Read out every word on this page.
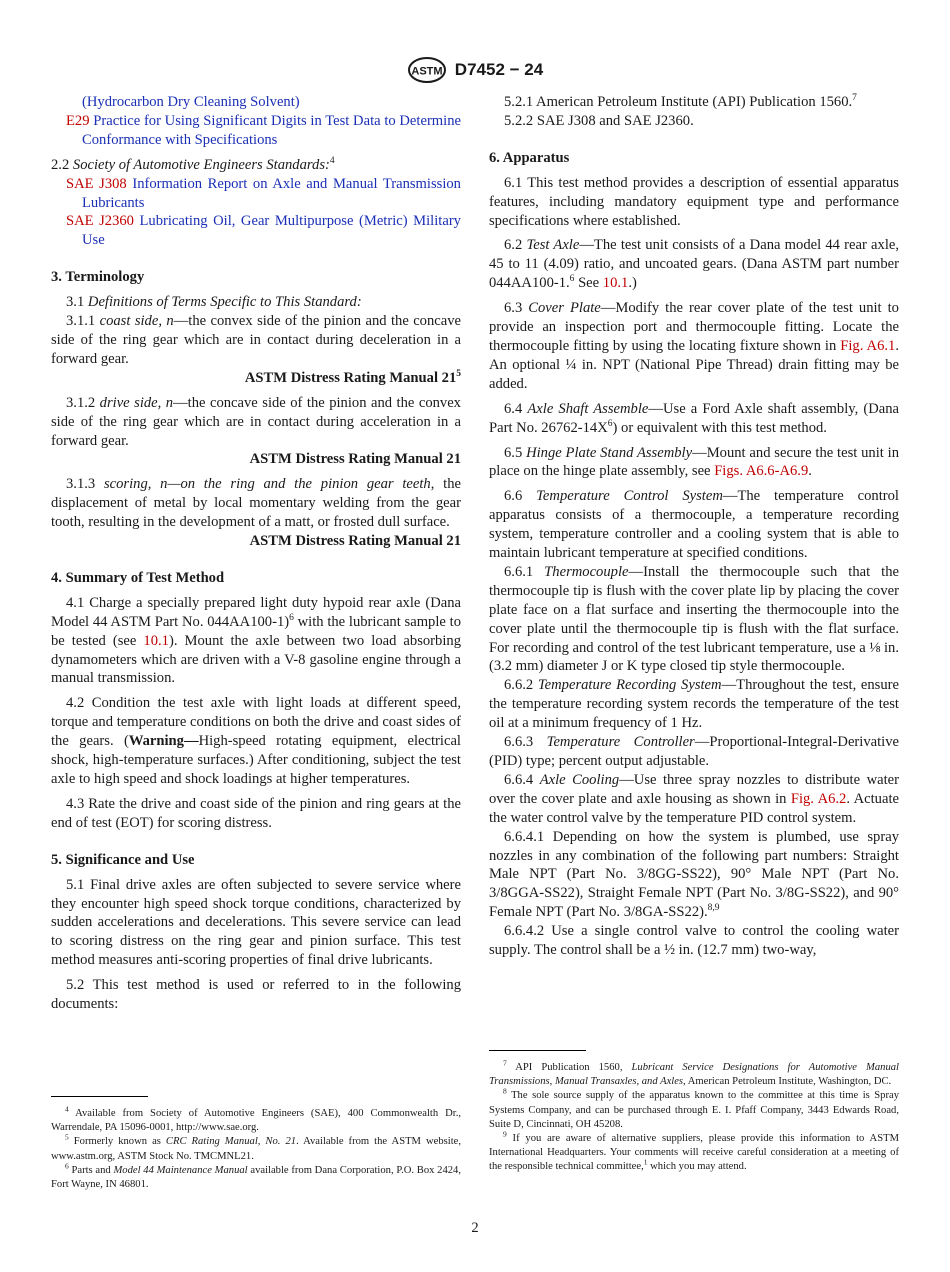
ASTM D7452 − 24

(Hydrocarbon Dry Cleaning Solvent)

E29 Practice for Using Significant Digits in Test Data to Determine Conformance with Specifications

2.2 Society of Automotive Engineers Standards:$^4$

SAE J308 Information Report on Axle and Manual Transmission Lubricants

SAE J2360 Lubricating Oil, Gear Multipurpose (Metric) Military Use

3. Terminology

3.1 Definitions of Terms Specific to This Standard:

3.1.1 coast side, n—the convex side of the pinion and the concave side of the ring gear which are in contact during deceleration in a forward gear.

ASTM Distress Rating Manual $21^5$

3.1.2 drive side, n—the concave side of the pinion and the convex side of the ring gear which are in contact during acceleration in a forward gear.

ASTM Distress Rating Manual 21

3.1.3 scoring, n—on the ring and the pinion gear teeth, the displacement of metal by local momentary welding from the gear tooth, resulting in the development of a matt, or frosted dull surface.

ASTM Distress Rating Manual 21

4. Summary of Test Method

4.1 Charge a specially prepared light duty hypoid rear axle (Dana Model 44 ASTM Part No. 044AA100-1)$^6$ with the lubricant sample to be tested (see 10.1). Mount the axle between two load absorbing dynamometers which are driven with a V-8 gasoline engine through a manual transmission.

4.2 Condition the test axle with light loads at different speed, torque and temperature conditions on both the drive and coast sides of the gears. (Warning—High-speed rotating equipment, electrical shock, high-temperature surfaces.) After conditioning, subject the test axle to high speed and shock loadings at higher temperatures.

4.3 Rate the drive and coast side of the pinion and ring gears at the end of test (EOT) for scoring distress.

5. Significance and Use

5.1 Final drive axles are often subjected to severe service where they encounter high speed shock torque conditions, characterized by sudden accelerations and decelerations. This severe service can lead to scoring distress on the ring gear and pinion surface. This test method measures anti-scoring properties of final drive lubricants.

5.2 This test method is used or referred to in the following documents:

$^4$ Available from Society of Automotive Engineers (SAE), 400 Commonwealth Dr., Warrendale, PA 15096-0001, http://www.sae.org.

$^5$ Formerly known as CRC Rating Manual, No. 21. Available from the ASTM website, www.astm.org, ASTM Stock No. TMCMNL21.

$^6$ Parts and Model 44 Maintenance Manual available from Dana Corporation, P.O. Box 2424, Fort Wayne, IN 46801.

5.2.1 American Petroleum Institute (API) Publication 1560.$^7$

5.2.2 SAE J308 and SAE J2360.

6. Apparatus

6.1 This test method provides a description of essential apparatus features, including mandatory equipment type and performance specifications where established.

6.2 Test Axle—The test unit consists of a Dana model 44 rear axle, 45 to 11 (4.09) ratio, and uncoated gears. (Dana ASTM part number 044AA100-1.$^6$ See 10.1.)

6.3 Cover Plate—Modify the rear cover plate of the test unit to provide an inspection port and thermocouple fitting. Locate the thermocouple fitting by using the locating fixture shown in Fig. A6.1. An optional ¼ in. NPT (National Pipe Thread) drain fitting may be added.

6.4 Axle Shaft Assemble—Use a Ford Axle shaft assembly, (Dana Part No. $26762-14X^6$) or equivalent with this test method.

6.5 Hinge Plate Stand Assembly—Mount and secure the test unit in place on the hinge plate assembly, see Figs. A6.6-A6.9.

6.6 Temperature Control System—The temperature control apparatus consists of a thermocouple, a temperature recording system, temperature controller and a cooling system that is able to maintain lubricant temperature at specified conditions.

6.6.1 Thermocouple—Install the thermocouple such that the thermocouple tip is flush with the cover plate lip by placing the cover plate face on a flat surface and inserting the thermocouple into the cover plate until the thermocouple tip is flush with the flat surface. For recording and control of the test lubricant temperature, use a ⅛ in. (3.2 mm) diameter J or K type closed tip style thermocouple.

6.6.2 Temperature Recording System—Throughout the test, ensure the temperature recording system records the temperature of the test oil at a minimum frequency of 1 Hz.

6.6.3 Temperature Controller—Proportional-Integral-Derivative (PID) type; percent output adjustable.

6.6.4 Axle Cooling—Use three spray nozzles to distribute water over the cover plate and axle housing as shown in Fig. A6.2. Actuate the water control valve by the temperature PID control system.

6.6.4.1 Depending on how the system is plumbed, use spray nozzles in any combination of the following part numbers: Straight Male NPT (Part No. 3/8GG-SS22), 90° Male NPT (Part No. 3/8GGA-SS22), Straight Female NPT (Part No. 3/8G-SS22), and 90° Female NPT (Part No. 3/8GA-SS22).$^{8,9}$

6.6.4.2 Use a single control valve to control the cooling water supply. The control shall be a ½ in. (12.7 mm) two-way,

$^7$ API Publication 1560, Lubricant Service Designations for Automotive Manual Transmissions, Manual Transaxles, and Axles, American Petroleum Institute, Washington, DC.

$^8$ The sole source supply of the apparatus known to the committee at this time is Spray Systems Company, and can be purchased through E. I. Pfaff Company, 3443 Edwards Road, Suite D, Cincinnati, OH 45208.

$^9$ If you are aware of alternative suppliers, please provide this information to ASTM International Headquarters. Your comments will receive careful consideration at a meeting of the responsible technical committee,$^1$ which you may attend.

2
